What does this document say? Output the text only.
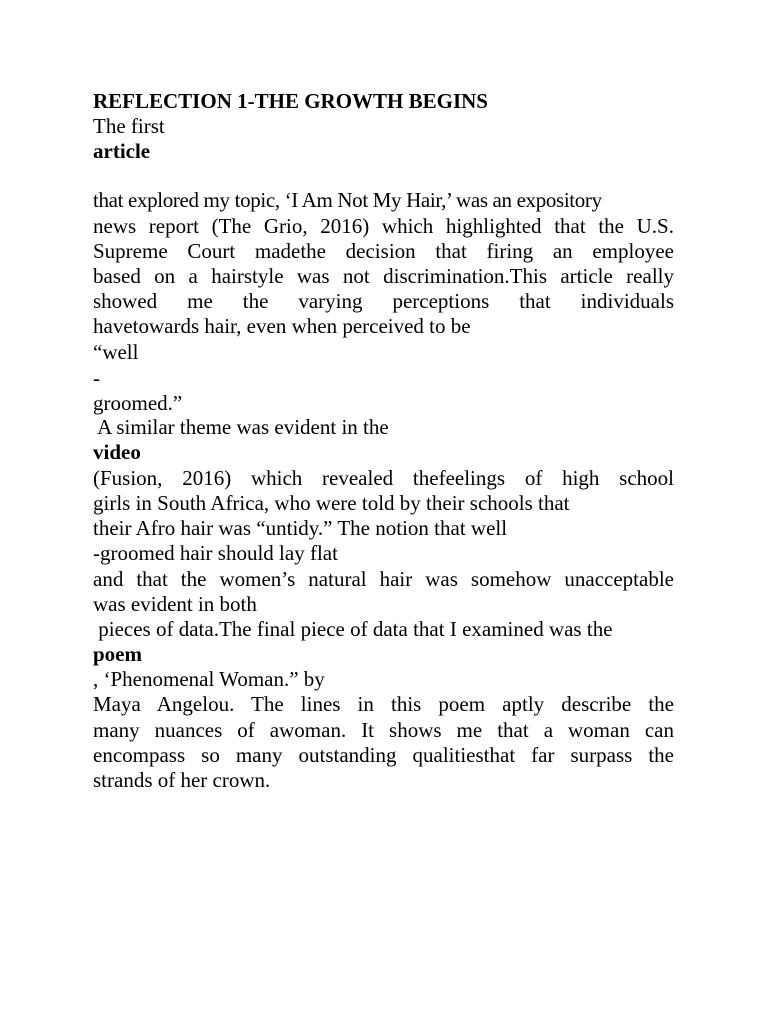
REFLECTION 1-THE GROWTH BEGINS
The first
article
that explored my topic, ‘I Am Not My Hair,’ was an expository
news report (The Grio, 2016) which highlighted that the U.S.
Supreme Court madethe decision that firing an employee
based on a hairstyle was not discrimination.This article really
showed me the varying perceptions that individuals
havetowards hair, even when perceived to be
“well
-
groomed.”
A similar theme was evident in the
video
(Fusion, 2016) which revealed thefeelings of high school
girls in South Africa, who were told by their schools that
their Afro hair was “untidy.” The notion that well
-groomed hair should lay flat
and that the women’s natural hair was somehow unacceptable
was evident in both
pieces of data.The final piece of data that I examined was the
poem
, ‘Phenomenal Woman.” by
Maya Angelou. The lines in this poem aptly describe the
many nuances of awoman. It shows me that a woman can
encompass so many outstanding qualitiesthat far surpass the
strands of her crown.
